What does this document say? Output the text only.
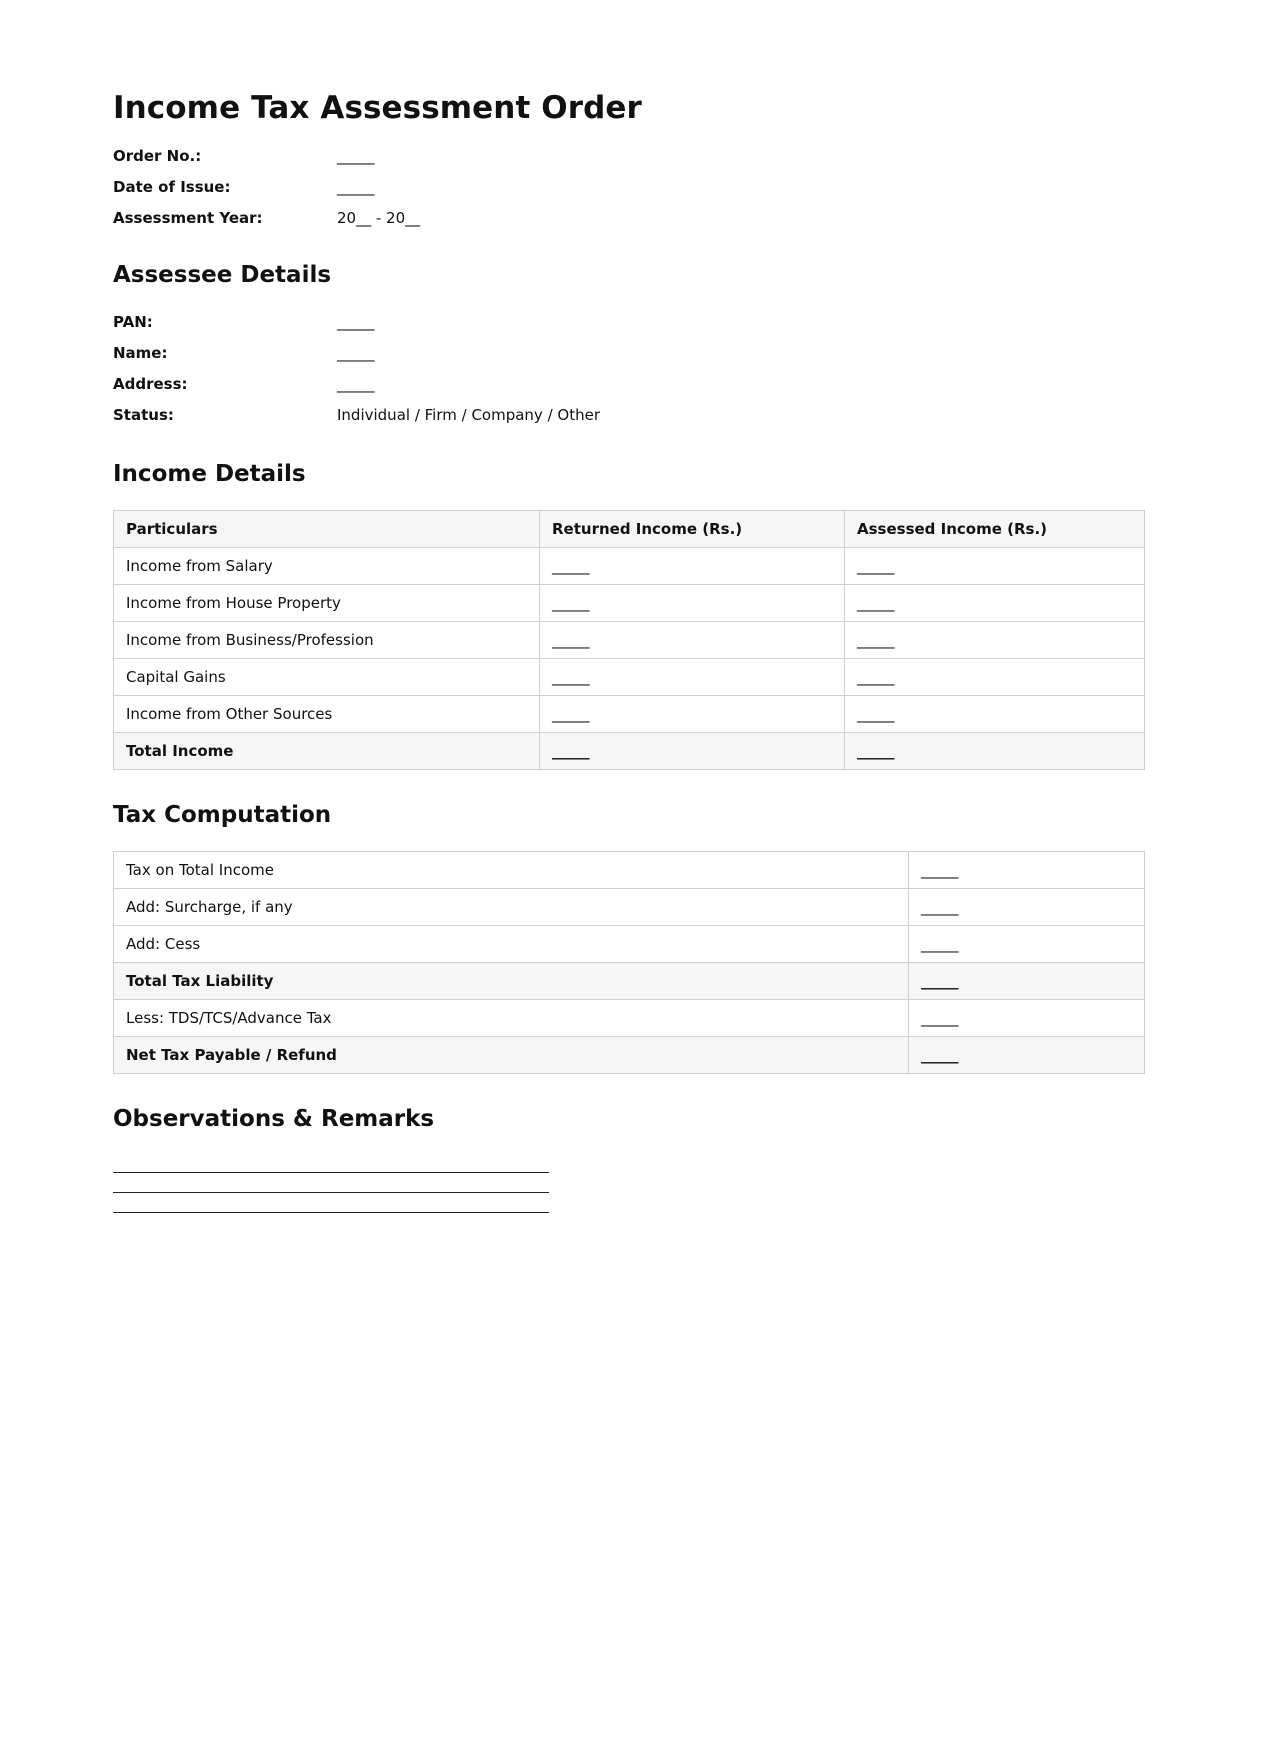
Income Tax Assessment Order
Order No.:	_____
Date of Issue:	_____
Assessment Year:	20__ - 20__
Assessee Details
PAN:	_____
Name:	_____
Address:	_____
Status:	Individual / Firm / Company / Other
Income Details
Particulars	Returned Income (Rs.)	Assessed Income (Rs.)
Income from Salary	_____	_____
Income from House Property	_____	_____
Income from Business/Profession	_____	_____
Capital Gains	_____	_____
Income from Other Sources	_____	_____
Total Income	_____	_____
Tax Computation
Tax on Total Income	_____
Add: Surcharge, if any	_____
Add: Cess	_____
Total Tax Liability	_____
Less: TDS/TCS/Advance Tax	_____
Net Tax Payable / Refund	_____
Observations & Remarks
